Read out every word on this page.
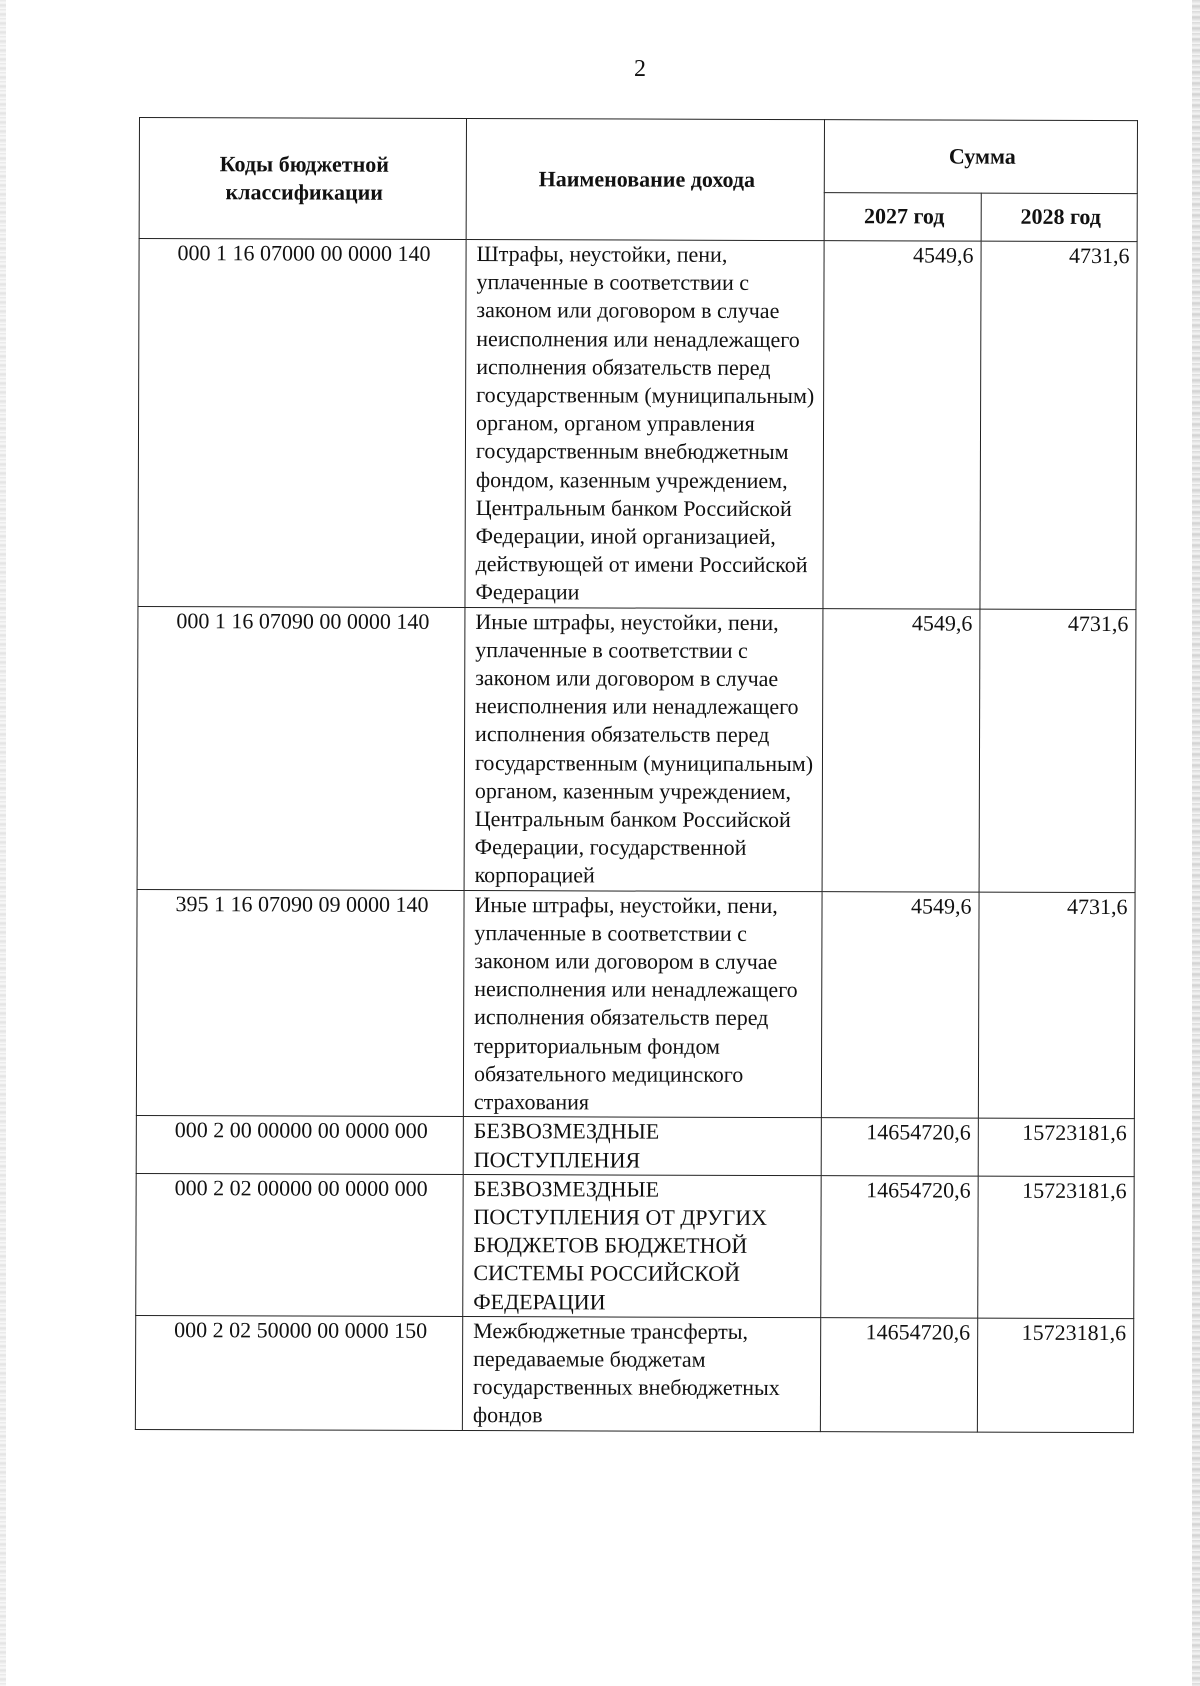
2
Коды бюджетной классификации	Наименование дохода	Сумма	
		2027 год	2028 год
000 1 16 07000 00 0000 140	Штрафы, неустойки, пени, уплаченные в соответствии с законом или договором в случае неисполнения или ненадлежащего исполнения обязательств перед государственным (муниципальным) органом, органом управления государственным внебюджетным фондом, казенным учреждением, Центральным банком Российской Федерации, иной организацией, действующей от имени Российской Федерации	4549,6	4731,6
000 1 16 07090 00 0000 140	Иные штрафы, неустойки, пени, уплаченные в соответствии с законом или договором в случае неисполнения или ненадлежащего исполнения обязательств перед государственным (муниципальным) органом, казенным учреждением, Центральным банком Российской Федерации, государственной корпорацией	4549,6	4731,6
395 1 16 07090 09 0000 140	Иные штрафы, неустойки, пени, уплаченные в соответствии с законом или договором в случае неисполнения или ненадлежащего исполнения обязательств перед территориальным фондом обязательного медицинского страхования	4549,6	4731,6
000 2 00 00000 00 0000 000	БЕЗВОЗМЕЗДНЫЕ ПОСТУПЛЕНИЯ	14654720,6	15723181,6
000 2 02 00000 00 0000 000	БЕЗВОЗМЕЗДНЫЕ ПОСТУПЛЕНИЯ ОТ ДРУГИХ БЮДЖЕТОВ БЮДЖЕТНОЙ СИСТЕМЫ РОССИЙСКОЙ ФЕДЕРАЦИИ	14654720,6	15723181,6
000 2 02 50000 00 0000 150	Межбюджетные трансферты, передаваемые бюджетам государственных внебюджетных фондов	14654720,6	15723181,6
